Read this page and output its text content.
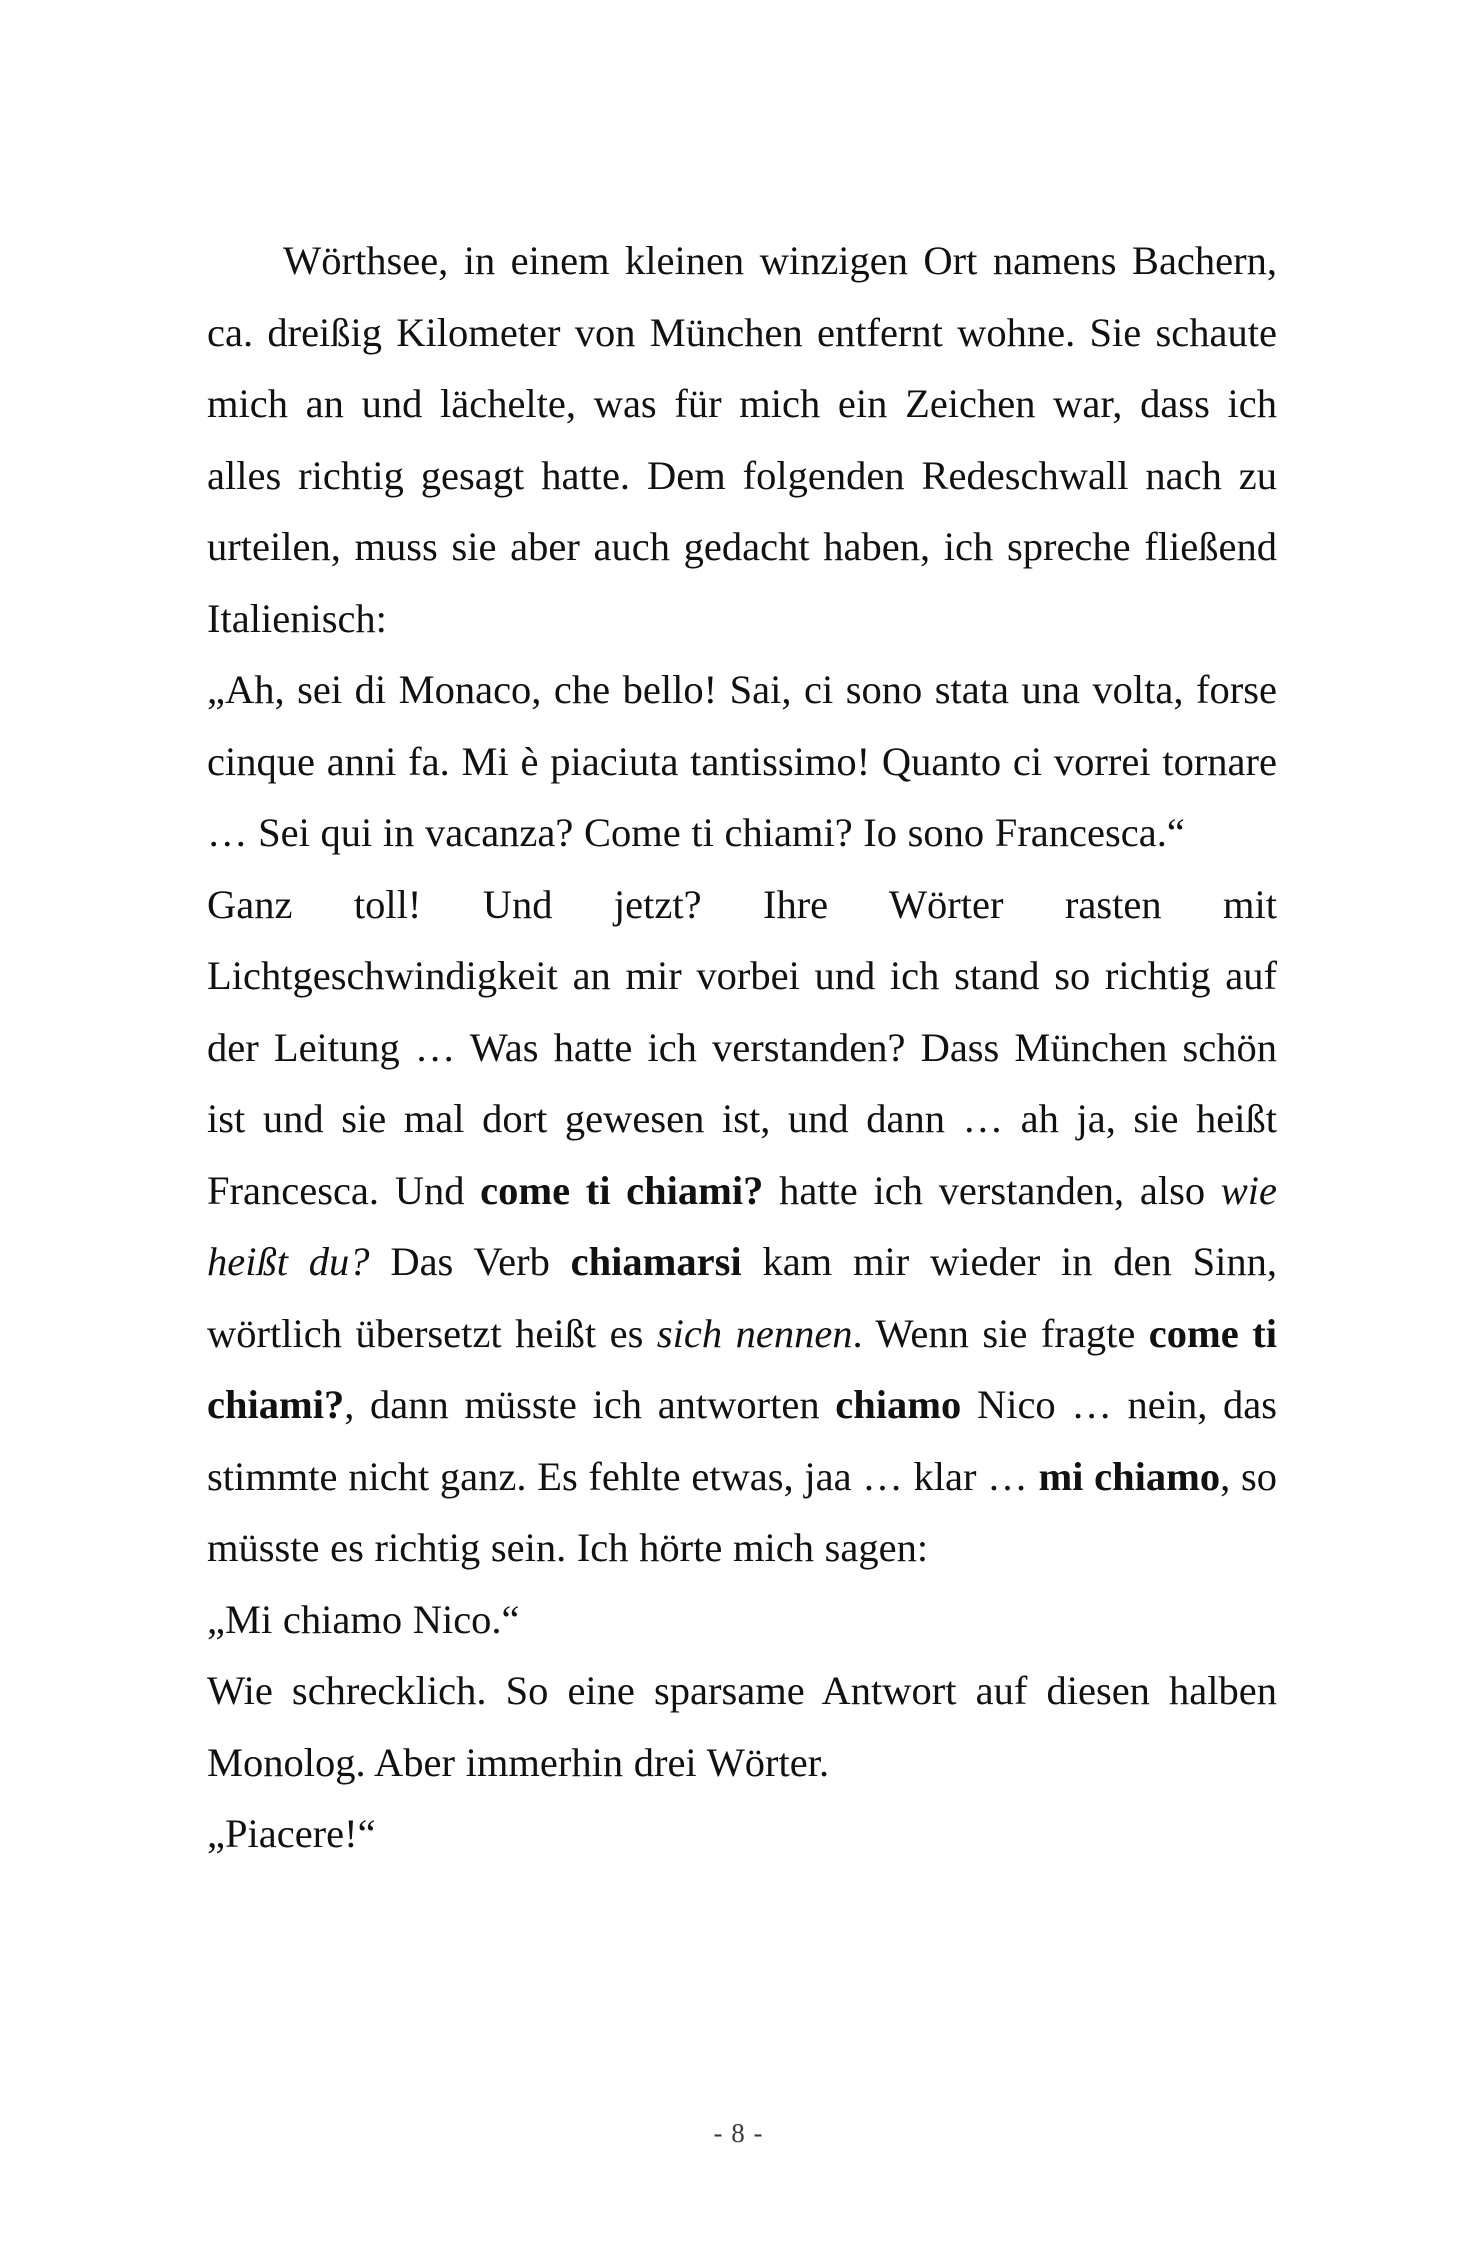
Wörthsee, in einem kleinen winzigen Ort namens Bachern, ca. dreißig Kilometer von München entfernt wohne. Sie schaute mich an und lächelte, was für mich ein Zeichen war, dass ich alles richtig gesagt hatte. Dem folgenden Redeschwall nach zu urteilen, muss sie aber auch gedacht haben, ich spreche fließend Italienisch:

„Ah, sei di Monaco, che bello! Sai, ci sono stata una volta, forse cinque anni fa. Mi è piaciuta tantissimo! Quanto ci vorrei tornare … Sei qui in vacanza? Come ti chiami? Io sono Francesca.“

Ganz toll! Und jetzt? Ihre Wörter rasten mit Lichtgeschwindigkeit an mir vorbei und ich stand so richtig auf der Leitung … Was hatte ich verstanden? Dass München schön ist und sie mal dort gewesen ist, und dann … ah ja, sie heißt Francesca. Und come ti chiami? hatte ich verstanden, also wie heißt du? Das Verb chiamarsi kam mir wieder in den Sinn, wörtlich übersetzt heißt es sich nennen. Wenn sie fragte come ti chiami?, dann müsste ich antworten chiamo Nico … nein, das stimmte nicht ganz. Es fehlte etwas, jaa … klar … mi chiamo, so müsste es richtig sein. Ich hörte mich sagen:

„Mi chiamo Nico.“

Wie schrecklich. So eine sparsame Antwort auf diesen halben Monolog. Aber immerhin drei Wörter.

„Piacere!“

- 8 -
